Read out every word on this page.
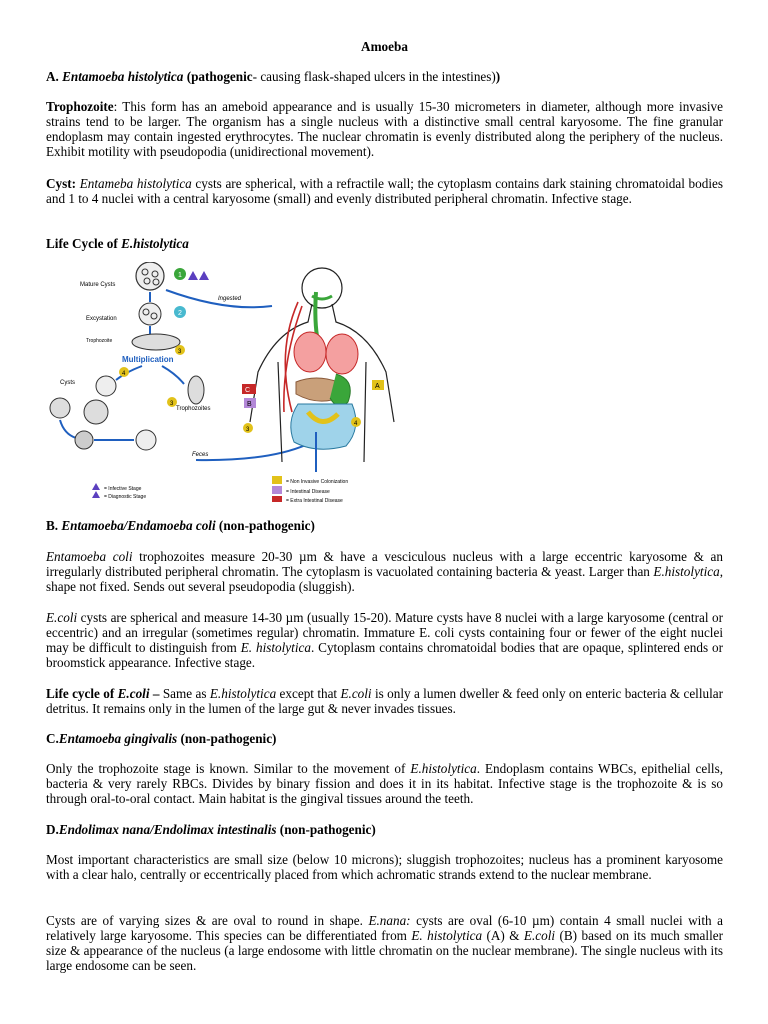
Amoeba
A. Entamoeba histolytica (pathogenic- causing flask-shaped ulcers in the intestines))
Trophozoite: This form has an ameboid appearance and is usually 15-30 micrometers in diameter, although more invasive strains tend to be larger. The organism has a single nucleus with a distinctive small central karyosome. The fine granular endoplasm may contain ingested erythrocytes. The nuclear chromatin is evenly distributed along the periphery of the nucleus. Exhibit motility with pseudopodia (unidirectional movement).
Cyst: Entameba histolytica cysts are spherical, with a refractile wall; the cytoplasm contains dark staining chromatoidal bodies and 1 to 4 nuclei with a central karyosome (small) and evenly distributed peripheral chromatin. Infective stage.
Life Cycle of E.histolytica
Mature Cysts
1
Excystation
2
Trophozoite
3
Multiplication
4
Cysts
3
Trophozoites
Ingested
Feces
C
B
A
3
4
= Infective Stage
= Diagnostic Stage
= Non Invasive Colonization
= Intestinal Disease
= Extra Intestinal Disease
B. Entamoeba/Endamoeba coli (non-pathogenic)
Entamoeba coli trophozoites measure 20-30 µm & have a vesciculous nucleus with a large eccentric karyosome & an irregularly distributed peripheral chromatin. The cytoplasm is vacuolated containing bacteria & yeast. Larger than E.histolytica, shape not fixed. Sends out several pseudopodia (sluggish).
E.coli cysts are spherical and measure 14-30 µm (usually 15-20). Mature cysts have 8 nuclei with a large karyosome (central or eccentric) and an irregular (sometimes regular) chromatin. Immature E. coli cysts containing four or fewer of the eight nuclei may be difficult to distinguish from E. histolytica. Cytoplasm contains chromatoidal bodies that are opaque, splintered ends or broomstick appearance. Infective stage.
Life cycle of E.coli – Same as E.histolytica except that E.coli is only a lumen dweller & feed only on enteric bacteria & cellular detritus. It remains only in the lumen of the large gut & never invades tissues.
C.Entamoeba gingivalis (non-pathogenic)
Only the trophozoite stage is known. Similar to the movement of E.histolytica. Endoplasm contains WBCs, epithelial cells, bacteria & very rarely RBCs. Divides by binary fission and does it in its habitat. Infective stage is the trophozoite & is so through oral-to-oral contact. Main habitat is the gingival tissues around the teeth.
D.Endolimax nana/Endolimax intestinalis (non-pathogenic)
Most important characteristics are small size (below 10 microns); sluggish trophozoites; nucleus has a prominent karyosome with a clear halo, centrally or eccentrically placed from which achromatic strands extend to the nuclear membrane.
Cysts are of varying sizes & are oval to round in shape. E.nana: cysts are oval (6-10 µm) contain 4 small nuclei with a relatively large karyosome. This species can be differentiated from E. histolytica (A) & E.coli (B) based on its much smaller size & appearance of the nucleus (a large endosome with little chromatin on the nuclear membrane). The single nucleus with its large endosome can be seen.
